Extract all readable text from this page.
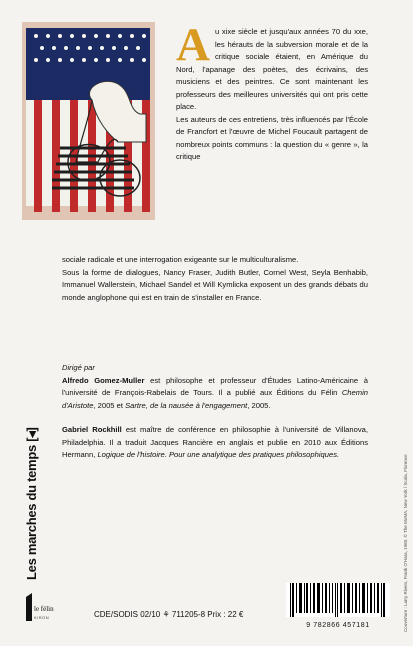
Au xixe siècle et jusqu'aux années 70 du xxe, les hérauts de la subversion morale et de la critique sociale étaient, en Amérique du Nord, l'apanage des poètes, des écrivains, des musiciens et des peintres. Ce sont maintenant les professeurs des meilleures universités qui ont pris cette place.

Les auteurs de ces entretiens, très influencés par l'École de Francfort et l'œuvre de Michel Foucault partagent de nombreux points communs : la question du « genre », la critique

sociale radicale et une interrogation exigeante sur le multiculturalisme.

Sous la forme de dialogues, Nancy Fraser, Judith Butler, Cornel West, Seyla Benhabib, Immanuel Wallerstein, Michael Sandel et Will Kymlicka exposent un des grands débats du monde anglophone qui est en train de s'installer en France.

Dirigé par

Alfredo Gomez-Muller est philosophe et professeur d'Études Latino-Américaine à l'université de François-Rabelais de Tours. Il a publié aux Éditions du Félin Chemin d'Aristote, 2005 et Sartre, de la nausée à l'engagement, 2005.

Gabriel Rockhill est maître de conférence en philosophie à l'université de Villanova, Philadelphia. Il a traduit Jacques Rancière en anglais et publie en 2010 aux Éditions Hermann, Logique de l'histoire. Pour une analytique des pratiques philosophiques.

Les marches du temps [◂]
le félin
KIRON	CDE/SODIS 02/10 ⚘ 711205-8 Prix : 22 €
9 782866 457181	Couverture : Larry Rivers, Frank O'Hara, 1960. © The MoMA, New York / Scala, Florence
